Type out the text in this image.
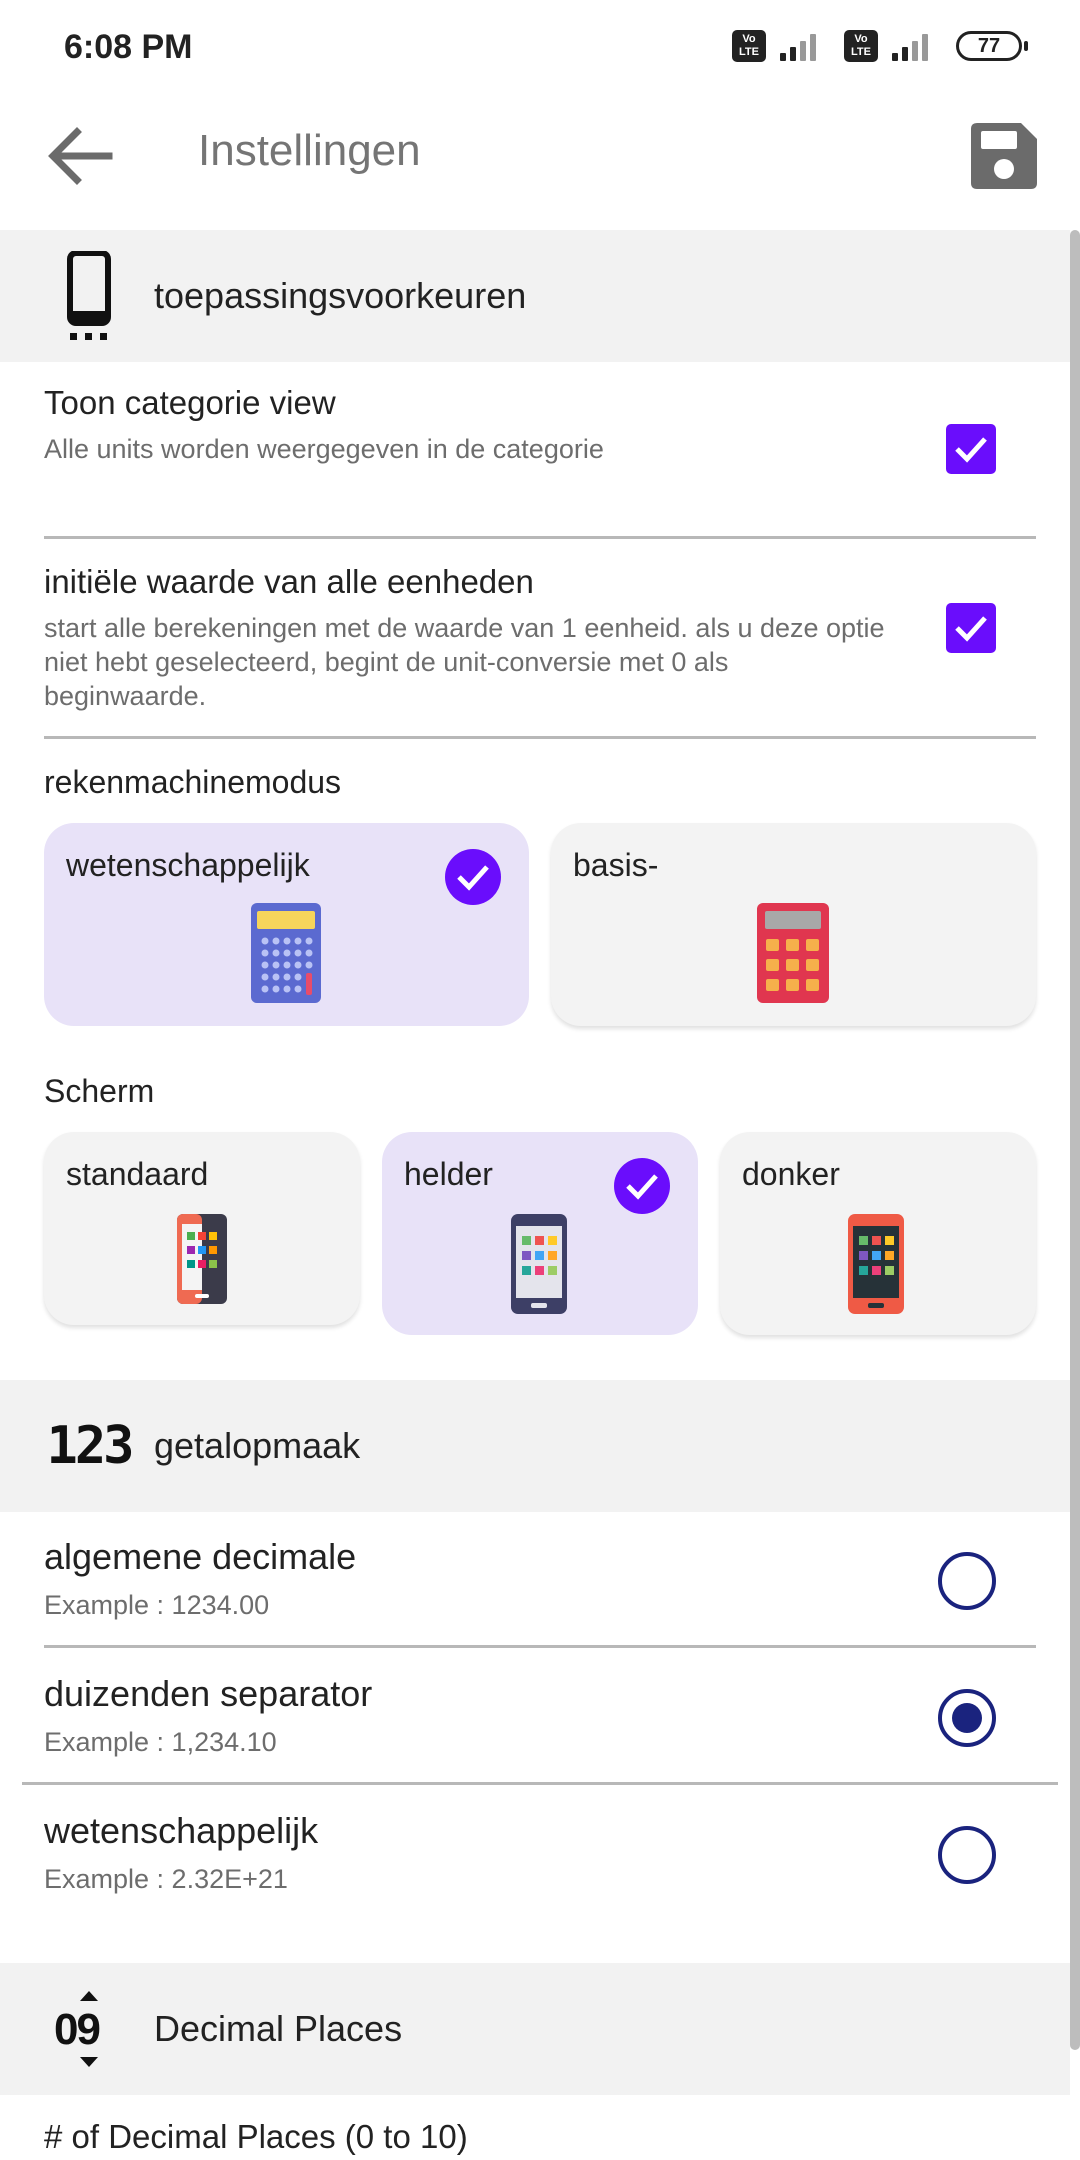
6:08 PM	Vo LTE
Vo LTE	77
Instellingen
toepassingsvoorkeuren
Toon categorie view
Alle units worden weergegeven in de categorie
initiële waarde van alle eenheden
start alle berekeningen met de waarde van 1 eenheid. als u deze optie niet hebt geselecteerd, begint de unit-conversie met 0 als beginwaarde.
rekenmachinemodus
wetenschappelijk	basis-
Scherm
standaard	helder	donker
123 getalopmaak
algemene decimale
Example : 1234.00
duizenden separator
Example : 1,234.10
wetenschappelijk
Example : 2.32E+21
09 Decimal Places
# of Decimal Places (0 to 10)
